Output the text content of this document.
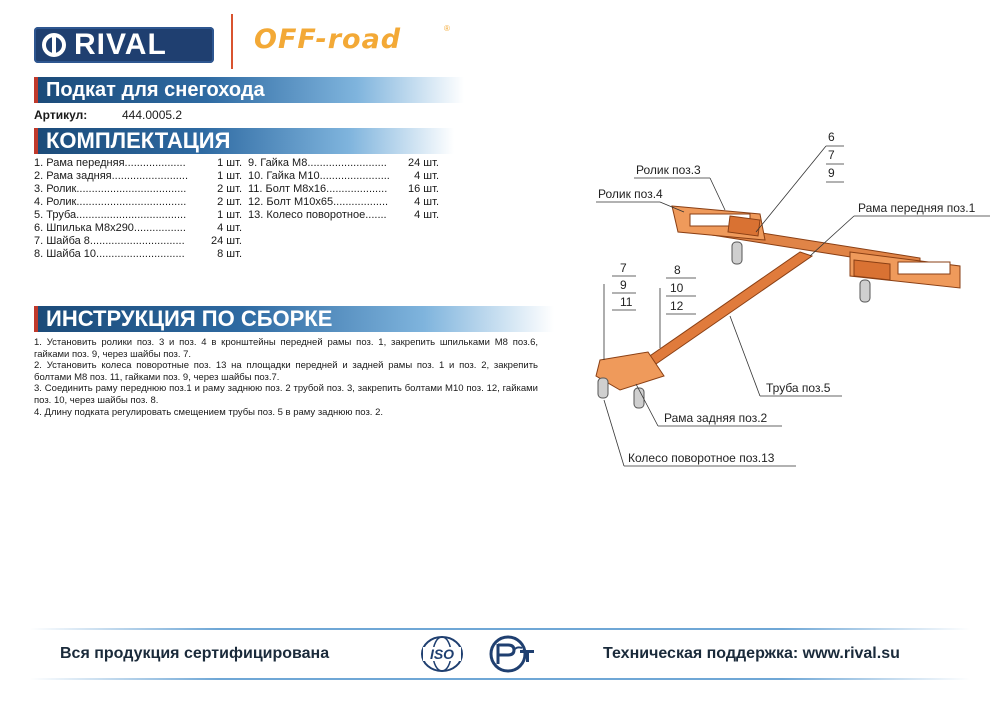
RIVAL	OFF-road	®
Подкат для снегохода
Артикул:	444.0005.2
КОМПЛЕКТАЦИЯ
1. Рама передняя....................	1 шт.
2. Рама задняя.........................	1 шт.
3. Ролик....................................	2 шт.
4. Ролик....................................	2 шт.
5. Труба....................................	1 шт.
6. Шпилька М8х290.................	4 шт.
7. Шайба 8............................... 24 шт.
8. Шайба 10.............................	8 шт.
9. Гайка М8.......................... 24 шт.
10. Гайка М10....................... 4 шт.
11. Болт М8х16.................... 16 шт.
12. Болт М10х65.................. 4 шт.
13. Колесо поворотное.......	4 шт.
ИНСТРУКЦИЯ ПО СБОРКЕ

1. Установить ролики поз. 3 и поз. 4 в кронштейны передней рамы поз. 1, закрепить шпильками М8 поз.6, гайками поз. 9, через шайбы поз. 7.

2. Установить колеса поворотные поз. 13 на площадки передней и задней рамы поз. 1 и поз. 2, закрепить болтами М8 поз. 11, гайками поз. 9, через шайбы поз.7.

3. Соединить раму переднюю поз.1 и раму заднюю поз. 2 трубой поз. 3, закрепить болтами М10 поз. 12, гайками поз. 10, через шайбы поз. 8.

4. Длину подката регулировать смещением трубы поз. 5 в раму заднюю поз. 2.

6
7
9
Ролик поз.3
Ролик поз.4
Рама передняя поз.1
7
9
11
8
10
12
Труба поз.5
Рама задняя поз.2
Колесо поворотное поз.13
Вся продукция сертифицирована	ISO	Техническая поддержка: www.rival.su
